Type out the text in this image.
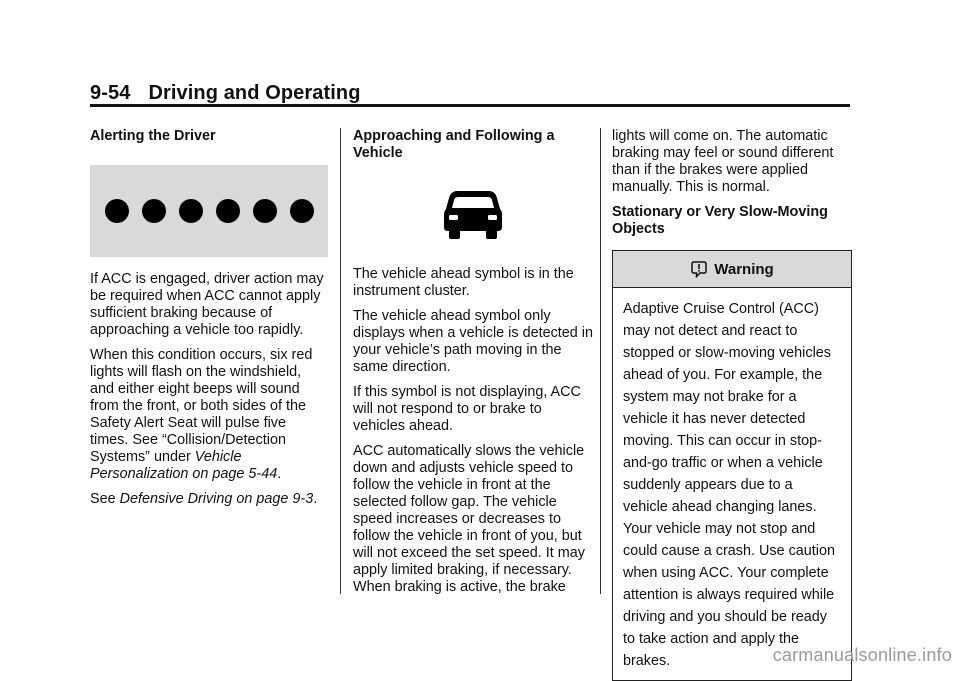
9-54 Driving and Operating

Alerting the Driver

If ACC is engaged, driver action may be required when ACC cannot apply sufficient braking because of approaching a vehicle too rapidly.

When this condition occurs, six red lights will flash on the windshield, and either eight beeps will sound from the front, or both sides of the Safety Alert Seat will pulse five times. See “Collision/Detection Systems” under Vehicle Personalization on page 5-44.

See Defensive Driving on page 9-3.

Approaching and Following a Vehicle

The vehicle ahead symbol is in the instrument cluster.

The vehicle ahead symbol only displays when a vehicle is detected in your vehicle’s path moving in the same direction.

If this symbol is not displaying, ACC will not respond to or brake to vehicles ahead.

ACC automatically slows the vehicle down and adjusts vehicle speed to follow the vehicle in front at the selected follow gap. The vehicle speed increases or decreases to follow the vehicle in front of you, but will not exceed the set speed. It may apply limited braking, if necessary. When braking is active, the brake

lights will come on. The automatic braking may feel or sound different than if the brakes were applied manually. This is normal.

Stationary or Very Slow-Moving Objects

Warning
Adaptive Cruise Control (ACC) may not detect and react to stopped or slow-moving vehicles ahead of you. For example, the system may not brake for a vehicle it has never detected moving. This can occur in stop-and-go traffic or when a vehicle suddenly appears due to a vehicle ahead changing lanes. Your vehicle may not stop and could cause a crash. Use caution when using ACC. Your complete attention is always required while driving and you should be ready to take action and apply the brakes.	carmanualsonline.info
